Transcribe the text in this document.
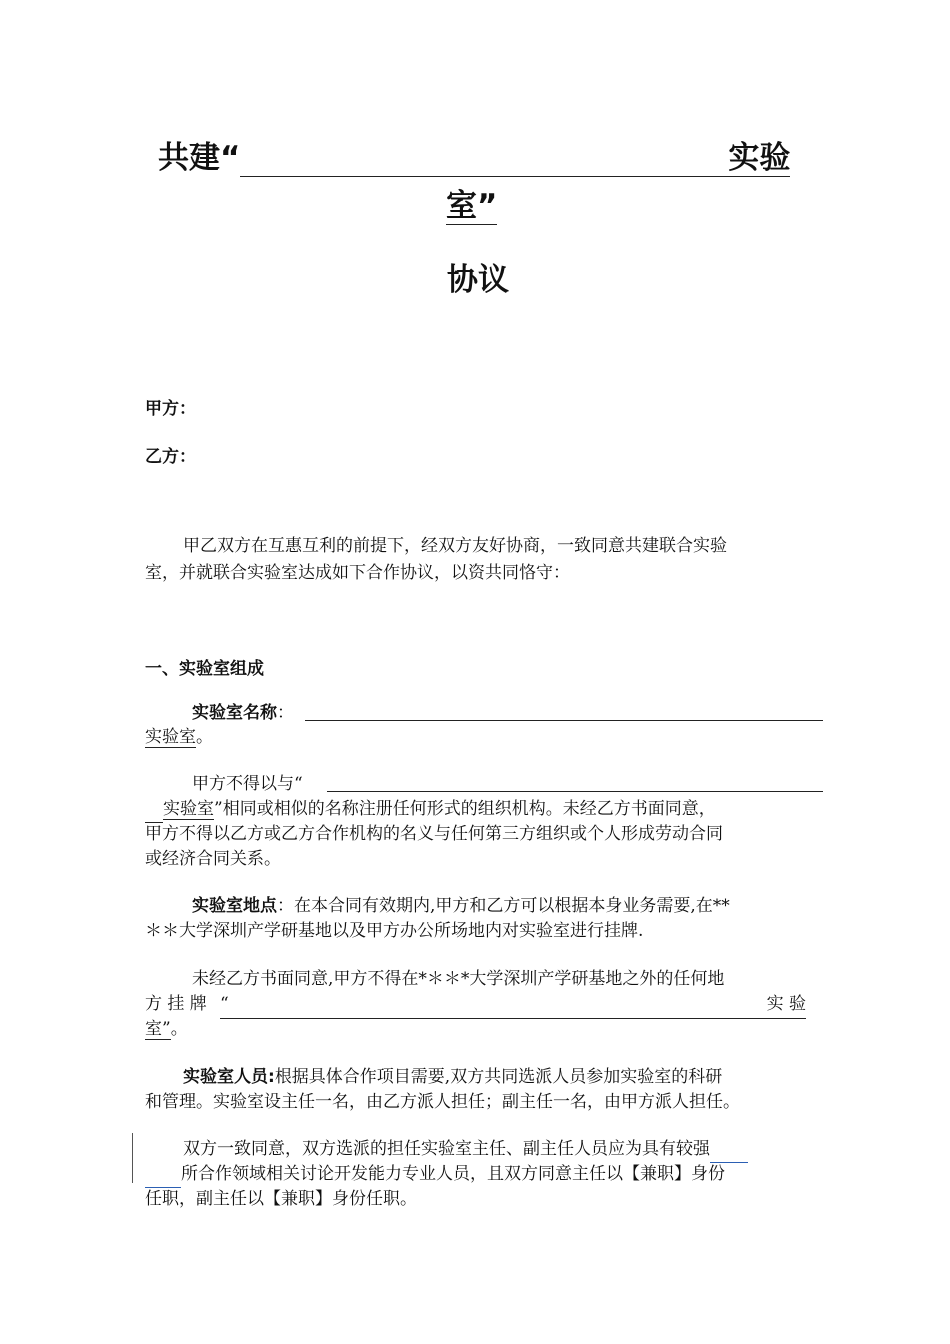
共建“	实验
室”
协议
甲方：
乙方：
甲乙双方在互惠互利的前提下，经双方友好协商，一致同意共建联合实验
室，并就联合实验室达成如下合作协议，以资共同恪守：
一、实验室组成
实验室名称：
实验室。
甲方不得以与“
实验室”相同或相似的名称注册任何形式的组织机构。未经乙方书面同意，
甲方不得以乙方或乙方合作机构的名义与任何第三方组织或个人形成劳动合同
或经济合同关系。
实验室地点：在本合同有效期内,甲方和乙方可以根据本身业务需要,在**
＊＊大学深圳产学研基地以及甲方办公所场地内对实验室进行挂牌.
未经乙方书面同意,甲方不得在*＊＊*大学深圳产学研基地之外的任何地
方 挂 牌 “	实 验

室”。
实验室人员:根据具体合作项目需要,双方共同选派人员参加实验室的科研
和管理。实验室设主任一名，由乙方派人担任；副主任一名，由甲方派人担任。
双方一致同意，双方选派的担任实验室主任、副主任人员应为具有较强
所合作领域相关讨论开发能力专业人员，且双方同意主任以【兼职】身份
任职，副主任以【兼职】身份任职。
